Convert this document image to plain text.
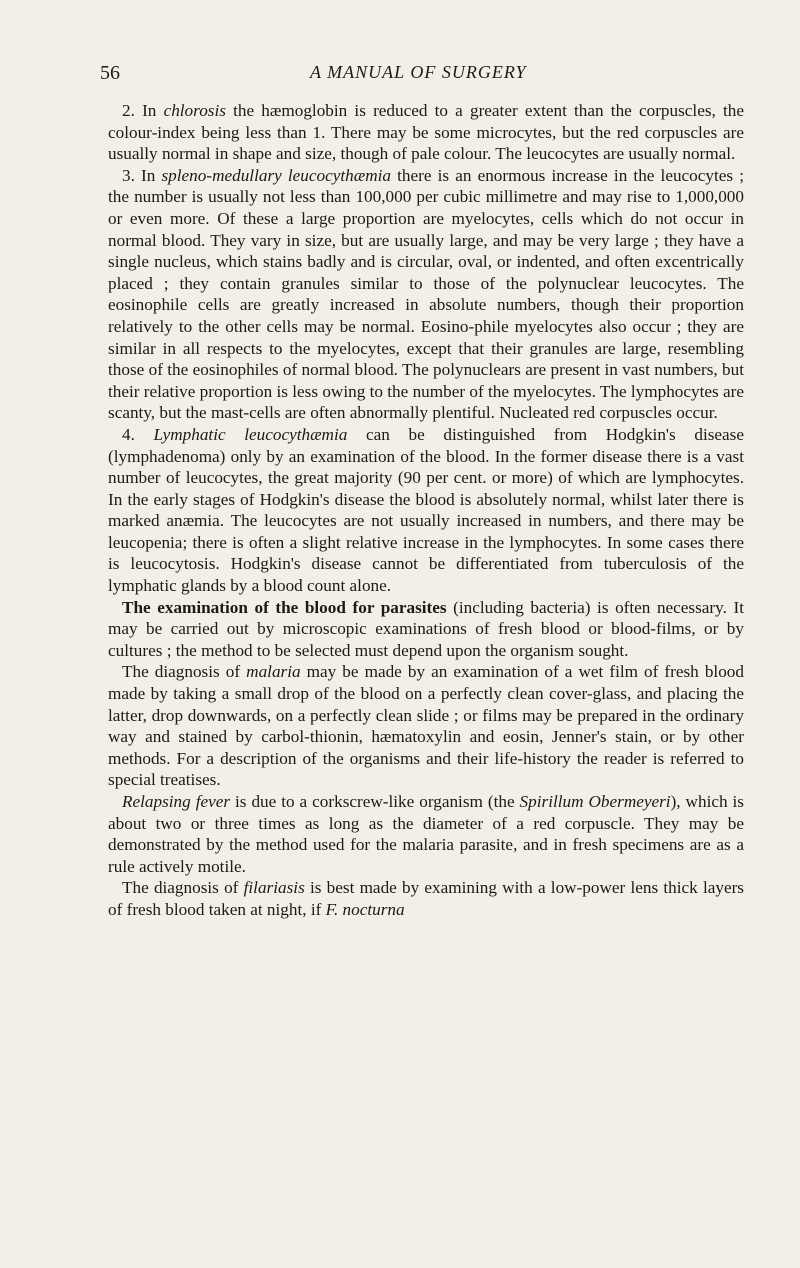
56	A MANUAL OF SURGERY

2. In chlorosis the hæmoglobin is reduced to a greater extent than the corpuscles, the colour-index being less than 1. There may be some microcytes, but the red corpuscles are usually normal in shape and size, though of pale colour. The leucocytes are usually normal.

3. In spleno-medullary leucocythæmia there is an enormous increase in the leucocytes ; the number is usually not less than 100,000 per cubic millimetre and may rise to 1,000,000 or even more. Of these a large proportion are myelocytes, cells which do not occur in normal blood. They vary in size, but are usually large, and may be very large ; they have a single nucleus, which stains badly and is circular, oval, or indented, and often excentrically placed ; they contain granules similar to those of the polynuclear leucocytes. The eosinophile cells are greatly increased in absolute numbers, though their proportion relatively to the other cells may be normal. Eosino-phile myelocytes also occur ; they are similar in all respects to the myelocytes, except that their granules are large, resembling those of the eosinophiles of normal blood. The polynuclears are present in vast numbers, but their relative proportion is less owing to the number of the myelocytes. The lymphocytes are scanty, but the mast-cells are often abnormally plentiful. Nucleated red corpuscles occur.

4. Lymphatic leucocythæmia can be distinguished from Hodgkin's disease (lymphadenoma) only by an examination of the blood. In the former disease there is a vast number of leucocytes, the great majority (90 per cent. or more) of which are lymphocytes. In the early stages of Hodgkin's disease the blood is absolutely normal, whilst later there is marked anæmia. The leucocytes are not usually increased in numbers, and there may be leucopenia; there is often a slight relative increase in the lymphocytes. In some cases there is leucocytosis. Hodgkin's disease cannot be differentiated from tuberculosis of the lymphatic glands by a blood count alone.

The examination of the blood for parasites (including bacteria) is often necessary. It may be carried out by microscopic examinations of fresh blood or blood-films, or by cultures ; the method to be selected must depend upon the organism sought.

The diagnosis of malaria may be made by an examination of a wet film of fresh blood made by taking a small drop of the blood on a perfectly clean cover-glass, and placing the latter, drop downwards, on a perfectly clean slide ; or films may be prepared in the ordinary way and stained by carbol-thionin, hæmatoxylin and eosin, Jenner's stain, or by other methods. For a description of the organisms and their life-history the reader is referred to special treatises.

Relapsing fever is due to a corkscrew-like organism (the Spirillum Obermeyeri), which is about two or three times as long as the diameter of a red corpuscle. They may be demonstrated by the method used for the malaria parasite, and in fresh specimens are as a rule actively motile.

The diagnosis of filariasis is best made by examining with a low-power lens thick layers of fresh blood taken at night, if F. nocturna
